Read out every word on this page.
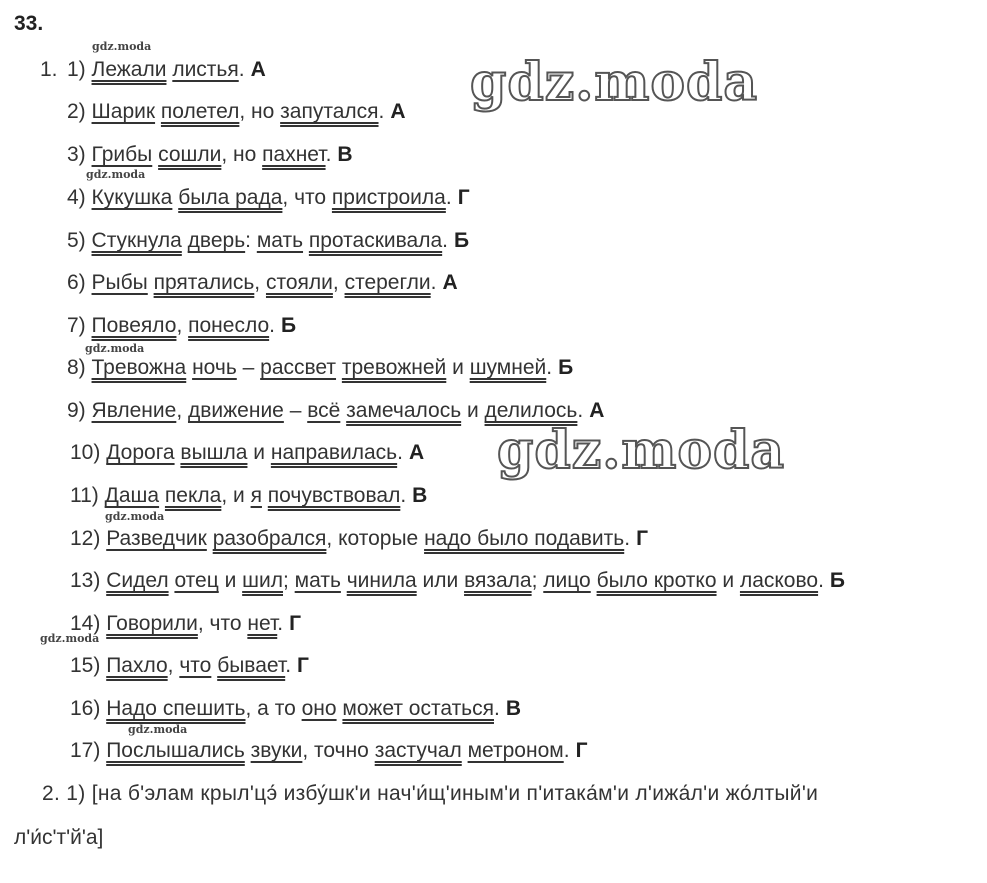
33.
1. 1) Лежали листья. А
2) Шарик полетел, но запутался. А
3) Грибы сошли, но пахнет. В
4) Кукушка была рада, что пристроила. Г
5) Стукнула дверь: мать протаскивала. Б
6) Рыбы прятались, стояли, стерегли. А
7) Повеяло, понесло. Б
8) Тревожна ночь – рассвет тревожней и шумней. Б
9) Явление, движение – всё замечалось и делилось. А
10) Дорога вышла и направилась. А
11) Даша пекла, и я почувствовал. В
12) Разведчик разобрался, которые надо было подавить. Г
13) Сидел отец и шил; мать чинила или вязала; лицо было кротко и ласково. Б
14) Говорили, что нет. Г
15) Пахло, что бывает. Г
16) Надо спешить, а то оно может остаться. В
17) Послышались звуки, точно застучал метроном. Г
2. 1) [на б'элам крыл'цэ́ избу́шк'и нач'и́щ'иным'и п'итака́м'и л'ижа́л'и жо́лтый'и
л'и́с'т'й'а]
gdz.moda
gdz.moda
gdz.moda
gdz.moda
gdz.moda
gdz.moda
gdz.moda
gdz.moda
